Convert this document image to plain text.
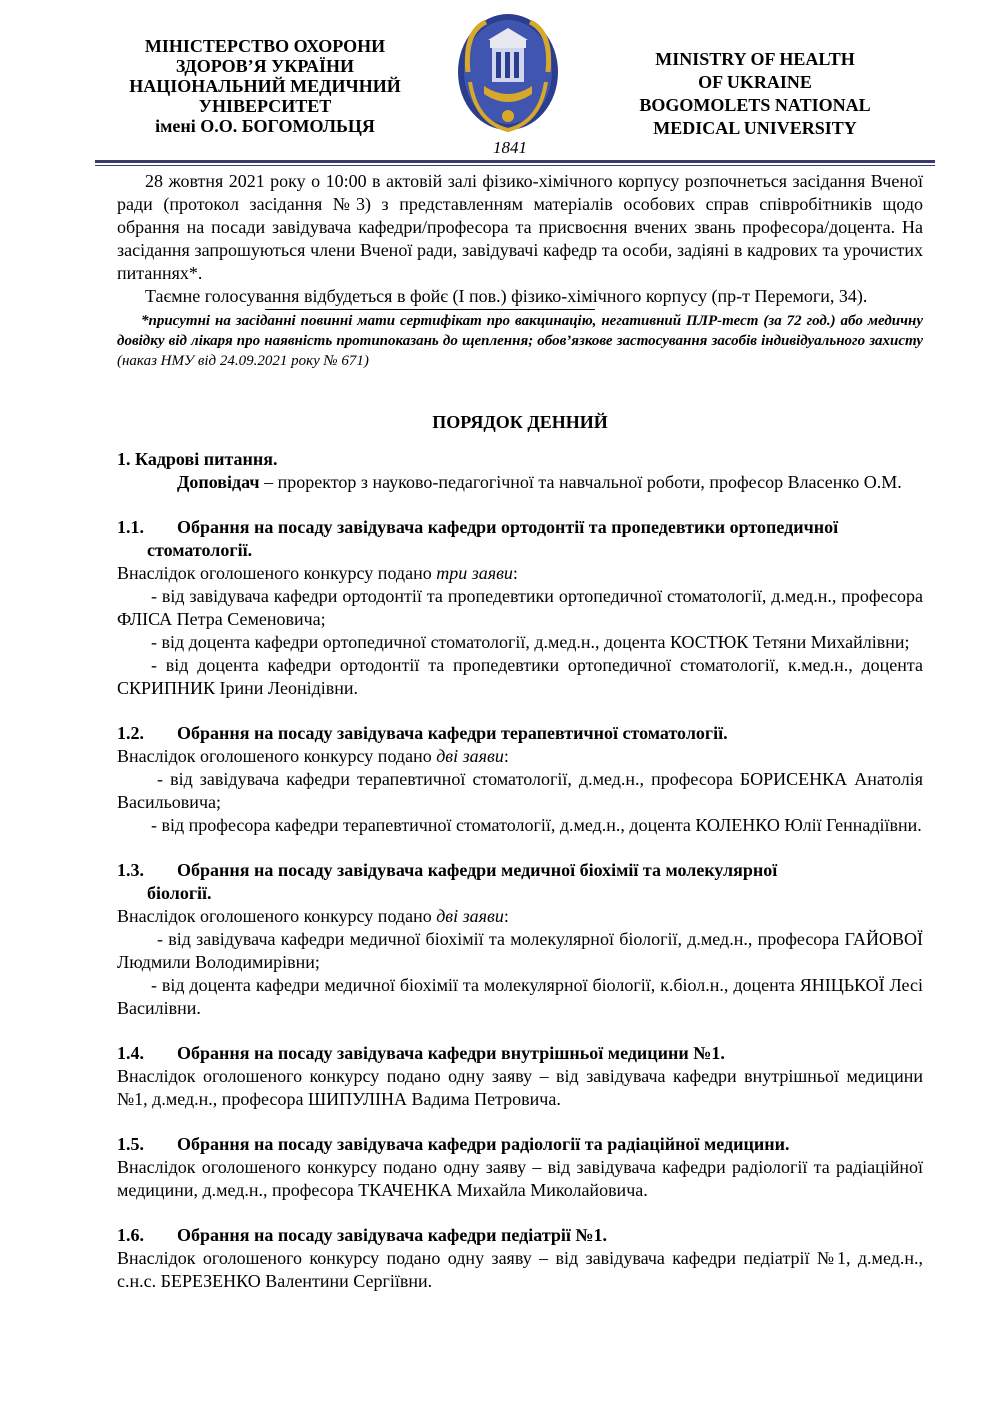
МІНІСТЕРСТВО ОХОРОНИ
ЗДОРОВ’Я УКРАЇНИ
НАЦІОНАЛЬНИЙ МЕДИЧНИЙ
УНІВЕРСИТЕТ
імені О.О. БОГОМОЛЬЦЯ
1841
MINISTRY OF HEALTH
OF UKRAINE
BOGOMOLETS NATIONAL
MEDICAL UNIVERSITY

28 жовтня 2021 року о 10:00 в актовій залі фізико-хімічного корпусу розпочнеться засідання Вченої ради (протокол засідання №3) з представленням матеріалів особових справ співробітників щодо обрання на посади завідувача кафедри/професора та присвоєння вчених звань професора/доцента. На засідання запрошуються члени Вченої ради, завідувачі кафедр та особи, задіяні в кадрових та урочистих питаннях*.

Таємне голосування відбудеться в фойє (І пов.) фізико-хімічного корпусу (пр-т Перемоги, 34).

*присутні на засіданні повинні мати сертифікат про вакцинацію, негативний ПЛР-тест (за 72 год.) або медичну довідку від лікаря про наявність протипоказань до щеплення; обов’язкове застосування засобів індивідуального захисту (наказ НМУ від 24.09.2021 року № 671)

ПОРЯДОК ДЕННИЙ

1. Кадрові питання.

Доповідач – проректор з науково-педагогічної та навчальної роботи, професор Власенко О.М.

1.1.	Обрання на посаду завідувача кафедри ортодонтії та пропедевтики ортопедичної

стоматології.

Внаслідок оголошеного конкурсу подано три заяви:

- від завідувача кафедри ортодонтії та пропедевтики ортопедичної стоматології, д.мед.н., професора ФЛІСА Петра Семеновича;

- від доцента кафедри ортопедичної стоматології, д.мед.н., доцента КОСТЮК Тетяни Михайлівни;

- від доцента кафедри ортодонтії та пропедевтики ортопедичної стоматології, к.мед.н., доцента СКРИПНИК Ірини Леонідівни.

1.2.	Обрання на посаду завідувача кафедри терапевтичної стоматології.

Внаслідок оголошеного конкурсу подано дві заяви:

- від завідувача кафедри терапевтичної стоматології, д.мед.н., професора БОРИСЕНКА Анатолія Васильовича;

- від професора кафедри терапевтичної стоматології, д.мед.н., доцента КОЛЕНКО Юлії Геннадіївни.

1.3.	Обрання на посаду завідувача кафедри медичної біохімії та молекулярної

біології.

Внаслідок оголошеного конкурсу подано дві заяви:

- від завідувача кафедри медичної біохімії та молекулярної біології, д.мед.н., професора ГАЙОВОЇ Людмили Володимирівни;

- від доцента кафедри медичної біохімії та молекулярної біології, к.біол.н., доцента ЯНІЦЬКОЇ Лесі Василівни.

1.4.	Обрання на посаду завідувача кафедри внутрішньої медицини №1.

Внаслідок оголошеного конкурсу подано одну заяву – від завідувача кафедри внутрішньої медицини №1, д.мед.н., професора ШИПУЛІНА Вадима Петровича.

1.5.	Обрання на посаду завідувача кафедри радіології та радіаційної медицини.

Внаслідок оголошеного конкурсу подано одну заяву – від завідувача кафедри радіології та радіаційної медицини, д.мед.н., професора ТКАЧЕНКА Михайла Миколайовича.

1.6.	Обрання на посаду завідувача кафедри педіатрії №1.

Внаслідок оголошеного конкурсу подано одну заяву – від завідувача кафедри педіатрії №1, д.мед.н., с.н.с. БЕРЕЗЕНКО Валентини Сергіївни.
